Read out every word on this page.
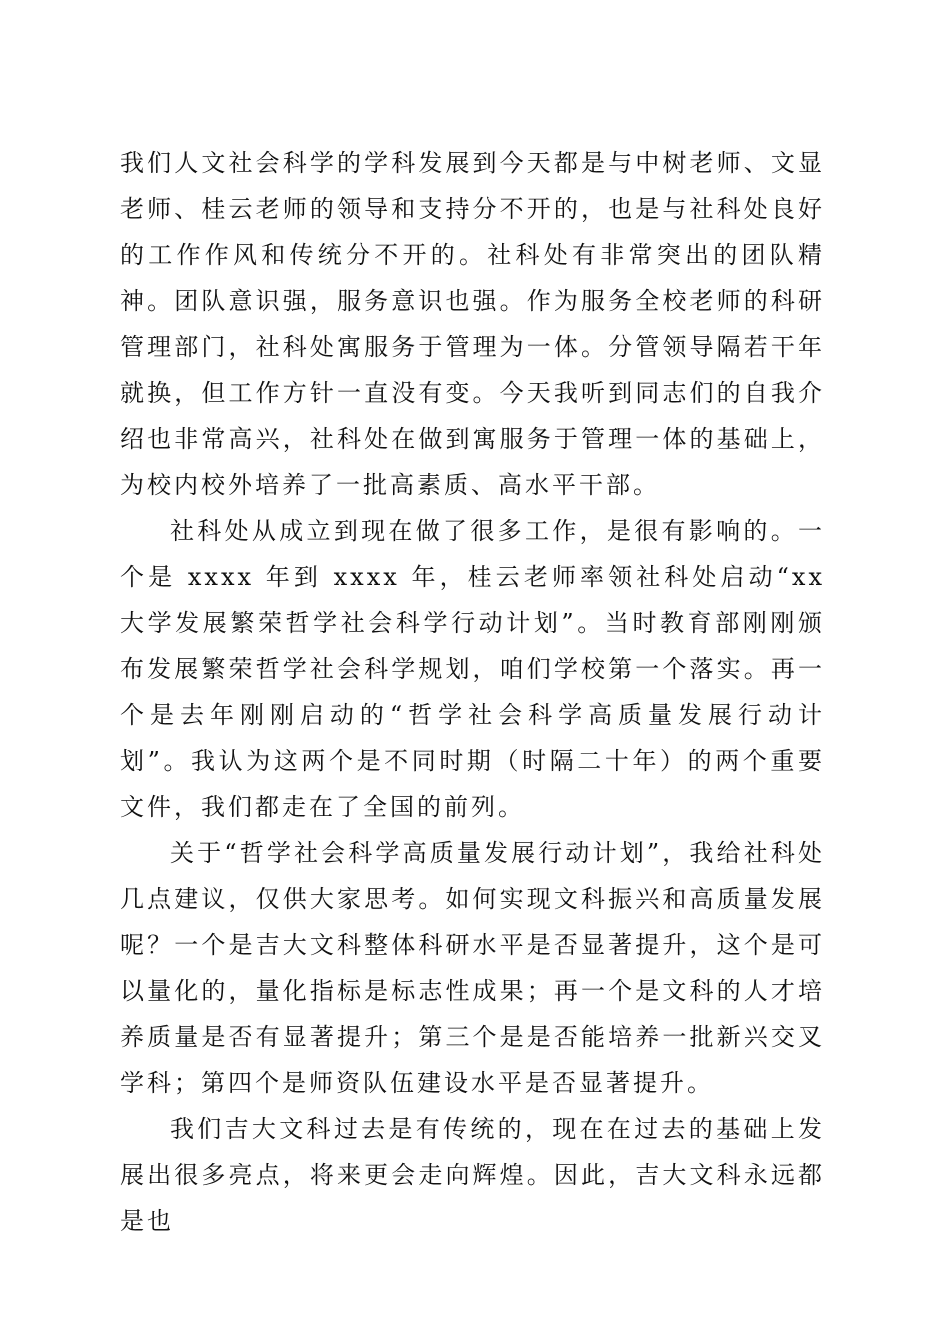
我们人文社会科学的学科发展到今天都是与中树老师、文显老师、桂云老师的领导和支持分不开的，也是与社科处良好的工作作风和传统分不开的。社科处有非常突出的团队精神。团队意识强，服务意识也强。作为服务全校老师的科研管理部门，社科处寓服务于管理为一体。分管领导隔若干年就换，但工作方针一直没有变。今天我听到同志们的自我介绍也非常高兴，社科处在做到寓服务于管理一体的基础上，为校内校外培养了一批高素质、高水平干部。

社科处从成立到现在做了很多工作，是很有影响的。一个是 xxxx 年到 xxxx 年，桂云老师率领社科处启动“xx 大学发展繁荣哲学社会科学行动计划”。当时教育部刚刚颁布发展繁荣哲学社会科学规划，咱们学校第一个落实。再一个是去年刚刚启动的“哲学社会科学高质量发展行动计划”。我认为这两个是不同时期（时隔二十年）的两个重要文件，我们都走在了全国的前列。

关于“哲学社会科学高质量发展行动计划”，我给社科处几点建议，仅供大家思考。如何实现文科振兴和高质量发展呢？一个是吉大文科整体科研水平是否显著提升，这个是可以量化的，量化指标是标志性成果；再一个是文科的人才培养质量是否有显著提升；第三个是是否能培养一批新兴交叉学科；第四个是师资队伍建设水平是否显著提升。

我们吉大文科过去是有传统的，现在在过去的基础上发展出很多亮点，将来更会走向辉煌。因此，吉大文科永远都是也
